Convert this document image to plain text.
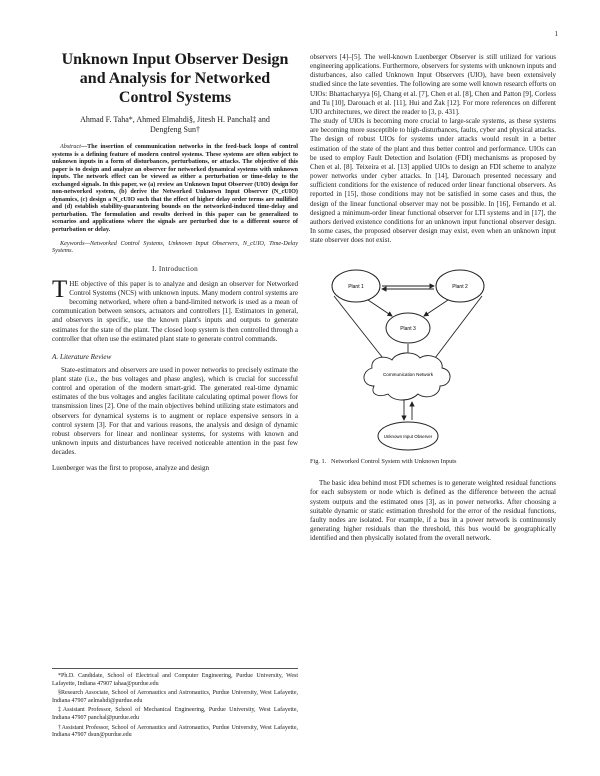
1
Unknown Input Observer Design and Analysis for Networked Control Systems
Ahmad F. Taha*, Ahmed Elmahdi§, Jitesh H. Panchal‡ and
Dengfeng Sun†

Abstract—The insertion of communication networks in the feed-back loops of control systems is a defining feature of modern control systems. These systems are often subject to unknown inputs in a form of disturbances, perturbations, or attacks. The objective of this paper is to design and analyze an observer for networked dynamical systems with unknown inputs. The network effect can be viewed as either a perturbation or time-delay to the exchanged signals. In this paper, we (a) review an Unknown Input Observer (UIO) design for non-networked system, (b) derive the Networked Unknown Input Observer (N_cUIO) dynamics, (c) design a N_cUIO such that the effect of higher delay order terms are nullified and (d) establish stability-guaranteeing bounds on the networked-induced time-delay and perturbation. The formulation and results derived in this paper can be generalized to scenarios and applications where the signals are perturbed due to a different source of perturbation or delay.

Keywords—Networked Control Systems, Unknown Input Observers, N_cUIO, Time-Delay Systems.

I. Introduction

THE objective of this paper is to analyze and design an observer for Networked Control Systems (NCS) with unknown inputs. Many modern control systems are becoming networked, where often a band-limited network is used as a mean of communication between sensors, actuators and controllers [1]. Estimators in general, and observers in specific, use the known plant's inputs and outputs to generate estimates for the state of the plant. The closed loop system is then controlled through a controller that often use the estimated plant state to generate control commands.

A. Literature Review

State-estimators and observers are used in power networks to precisely estimate the plant state (i.e., the bus voltages and phase angles), which is crucial for successful control and operation of the modern smart-grid. The generated real-time dynamic estimates of the bus voltages and angles facilitate calculating optimal power flows for transmission lines [2]. One of the main objectives behind utilizing state estimators and observers for dynamical systems is to augment or replace expensive sensors in a control system [3]. For that and various reasons, the analysis and design of dynamic robust observers for linear and nonlinear systems, for systems with known and unknown inputs and disturbances have received noticeable attention in the past few decades.

Luenberger was the first to propose, analyze and design

*Ph.D. Candidate, School of Electrical and Computer Engineering, Purdue University, West Lafayette, Indiana 47907 tahaa@purdue.edu
§Research Associate, School of Aeronautics and Astronautics, Purdue University, West Lafayette, Indiana 47907 aelmahdi@purdue.edu
‡Assistant Professor, School of Mechanical Engineering, Purdue University, West Lafayette, Indiana 47907 panchal@purdue.edu
†Assistant Professor, School of Aeronautics and Astronautics, Purdue University, West Lafayette, Indiana 47907 dsun@purdue.edu

observers [4]–[5]. The well-known Luenberger Observer is still utilized for various engineering applications. Furthermore, observers for systems with unknown inputs and disturbances, also called Unknown Input Observers (UIO), have been extensively studied since the late seventies. The following are some well known research efforts on UIOs: Bhattacharyya [6], Chang et al. [7], Chen et al. [8], Chen and Patton [9], Corless and Tu [10], Darouach et al. [11], Hui and Żak [12]. For more references on different UIO architectures, we direct the reader to [3, p. 431].

The study of UIOs is becoming more crucial to large-scale systems, as these systems are becoming more susceptible to high-disturbances, faults, cyber and physical attacks. The design of robust UIOs for systems under attacks would result in a better estimation of the state of the plant and thus better control and performance. UIOs can be used to employ Fault Detection and Isolation (FDI) mechanisms as proposed by Chen et al. [8]. Teixeira et al. [13] applied UIOs to design an FDI scheme to analyze power networks under cyber attacks. In [14], Darouach presented necessary and sufficient conditions for the existence of reduced order linear functional observers. As reported in [15], those conditions may not be satisfied in some cases and thus, the design of the linear functional observer may not be possible. In [16], Fernando et al. designed a minimum-order linear functional observer for LTI systems and in [17], the authors derived existence conditions for an unknown input functional observer design. In some cases, the proposed observer design may exist, even when an unknown input state observer does not exist.

Plant 1	Plant 2
Plant 3
Communication Network
Unknown Input Observer
Fig. 1. Networked Control System with Unknown Inputs

The basic idea behind most FDI schemes is to generate weighted residual functions for each subsystem or node which is defined as the difference between the actual system outputs and the estimated ones [3], as in power networks. After choosing a suitable dynamic or static estimation threshold for the error of the residual functions, faulty nodes are isolated. For example, if a bus in a power network is continuously generating higher residuals than the threshold, this bus would be geographically identified and then physically isolated from the overall network.
